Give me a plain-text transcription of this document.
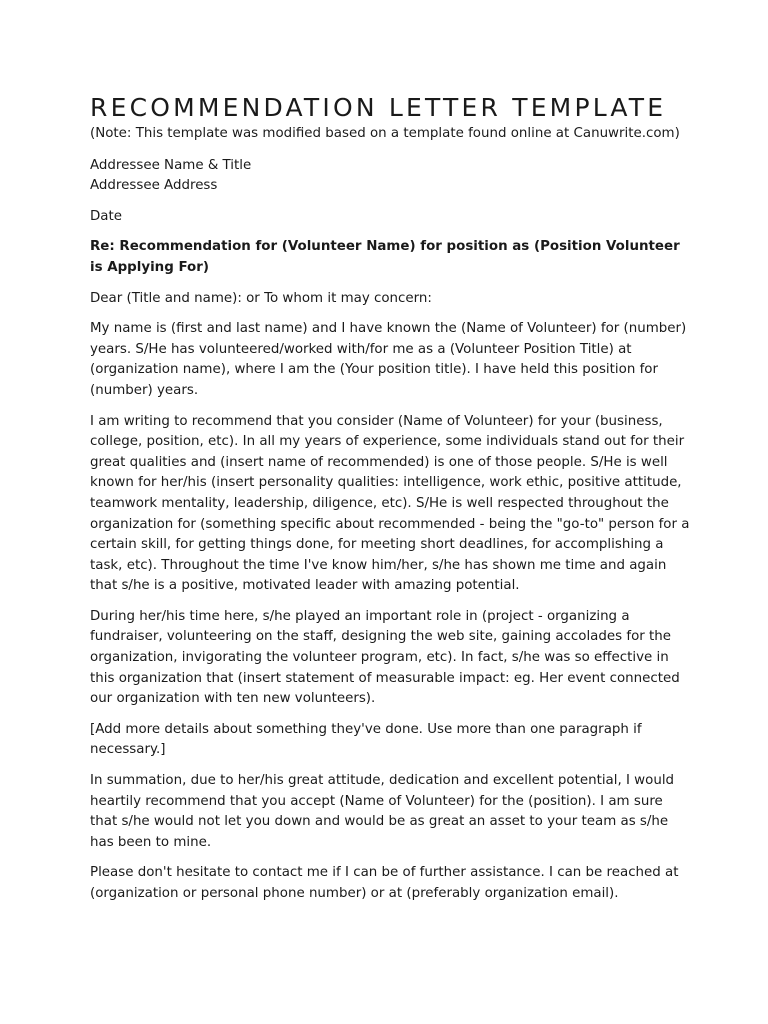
RECOMMENDATION LETTER TEMPLATE
(Note: This template was modified based on a template found online at Canuwrite.com)
Addressee Name & Title
Addressee Address

Date

Re: Recommendation for (Volunteer Name) for position as (Position Volunteer is Applying For)

Dear (Title and name): or To whom it may concern:

My name is (first and last name) and I have known the (Name of Volunteer) for (number) years. S/He has volunteered/worked with/for me as a (Volunteer Position Title) at (organization name), where I am the (Your position title). I have held this position for (number) years.

I am writing to recommend that you consider (Name of Volunteer) for your (business, college, position, etc). In all my years of experience, some individuals stand out for their great qualities and (insert name of recommended) is one of those people. S/He is well known for her/his (insert personality qualities: intelligence, work ethic, positive attitude, teamwork mentality, leadership, diligence, etc). S/He is well respected throughout the organization for (something specific about recommended - being the "go-to" person for a certain skill, for getting things done, for meeting short deadlines, for accomplishing a task, etc). Throughout the time I've know him/her, s/he has shown me time and again that s/he is a positive, motivated leader with amazing potential.

During her/his time here, s/he played an important role in (project - organizing a fundraiser, volunteering on the staff, designing the web site, gaining accolades for the organization, invigorating the volunteer program, etc). In fact, s/he was so effective in this organization that (insert statement of measurable impact: eg. Her event connected our organization with ten new volunteers).

[Add more details about something they've done. Use more than one paragraph if necessary.]

In summation, due to her/his great attitude, dedication and excellent potential, I would heartily recommend that you accept (Name of Volunteer) for the (position). I am sure that s/he would not let you down and would be as great an asset to your team as s/he has been to mine.

Please don't hesitate to contact me if I can be of further assistance. I can be reached at (organization or personal phone number) or at (preferably organization email).
